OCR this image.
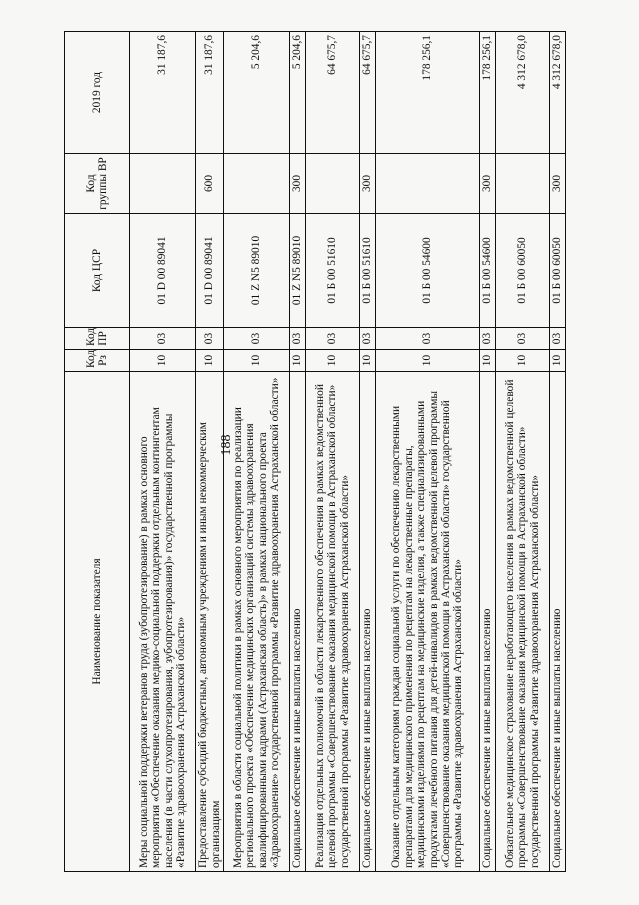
188
Наименование показателя	Код Рз	Код ПР	Код ЦСР	Код группы ВР	2019 год
Меры социальной поддержки ветеранов труда (зубопротезирование) в рамках основного мероприятия «Обеспечение оказания медико-социальной поддержки отдельным контингентам населения (в части слухопротезирования, зубопротезирования)» государственной программы «Развитие здравоохранения Астраханской области»	10	03	01 D 00 89041		31 187,6
Предоставление субсидий бюджетным, автономным учреждениям и иным некоммерческим организациям	10	03	01 D 00 89041	600	31 187,6
Мероприятия в области социальной политики в рамках основного мероприятия по реализации регионального проекта «Обеспечение медицинских организаций системы здравоохранения квалифицированными кадрами (Астраханская область)» в рамках национального проекта «Здравоохранение» государственной программы «Развитие здравоохранения Астраханской области»	10	03	01 Z N5 89010		5 204,6
Социальное обеспечение и иные выплаты населению	10	03	01 Z N5 89010	300	5 204,6
Реализация отдельных полномочий в области лекарственного обеспечения в рамках ведомственной целевой программы «Совершенствование оказания медицинской помощи в Астраханской области» государственной программы «Развитие здравоохранения Астраханской области»	10	03	01 Б 00 51610		64 675,7
Социальное обеспечение и иные выплаты населению	10	03	01 Б 00 51610	300	64 675,7
Оказание отдельным категориям граждан социальной услуги по обеспечению лекарственными препаратами для медицинского применения по рецептам на лекарственные препараты, медицинскими изделиями по рецептам на медицинские изделия, а также специализированными продуктами лечебного питания для детей-инвалидов в рамках ведомственной целевой программы «Совершенствование оказания медицинской помощи в Астраханской области» государственной программы «Развитие здравоохранения Астраханской области»	10	03	01 Б 00 54600		178 256,1
Социальное обеспечение и иные выплаты населению	10	03	01 Б 00 54600	300	178 256,1
Обязательное медицинское страхование неработающего населения в рамках ведомственной целевой программы «Совершенствование оказания медицинской помощи в Астраханской области» государственной программы «Развитие здравоохранения Астраханской области»	10	03	01 Б 00 60050		4 312 678,0
Социальное обеспечение и иные выплаты населению	10	03	01 Б 00 60050	300	4 312 678,0
